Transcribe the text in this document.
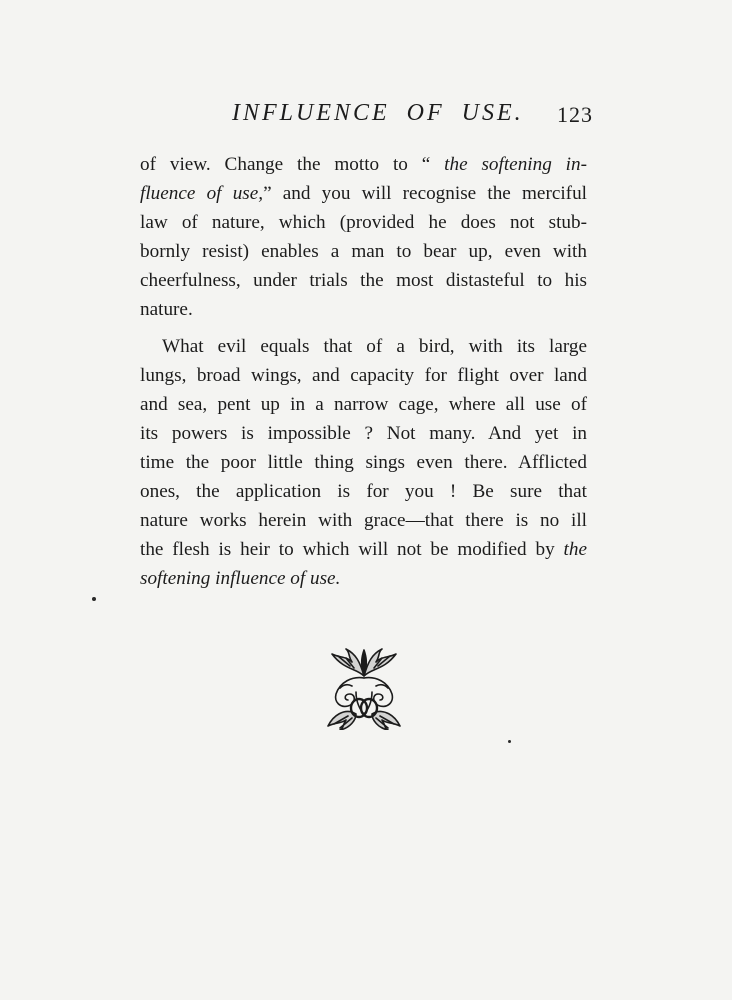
INFLUENCE OF USE. 123
of view. Change the motto to “ the softening in-
fluence of use,” and you will recognise the merciful
law of nature, which (provided he does not stub-
bornly resist) enables a man to bear up, even with
cheerfulness, under trials the most distasteful to his
nature.
What evil equals that of a bird, with its large
lungs, broad wings, and capacity for flight over land
and sea, pent up in a narrow cage, where all use of
its powers is impossible ? Not many. And yet in
time the poor little thing sings even there. Afflicted
ones, the application is for you ! Be sure that
nature works herein with grace—that there is no ill
the flesh is heir to which will not be modified by the
softening influence of use.
